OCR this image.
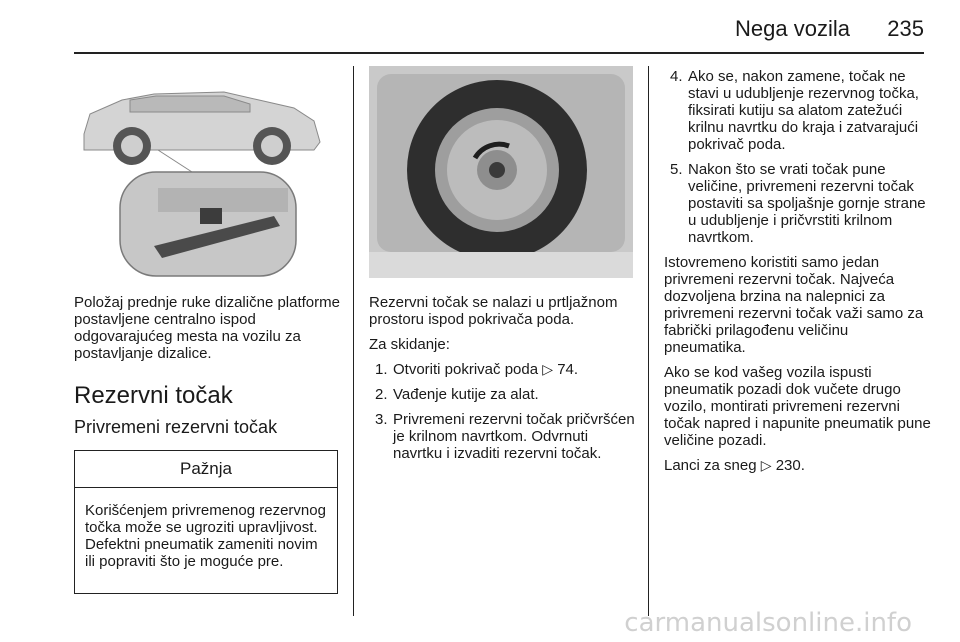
Nega vozila 235
Položaj prednje ruke dizalične platforme postavljene centralno ispod odgovarajućeg mesta na vozilu za postavljanje dizalice.
Rezervni točak
Privremeni rezervni točak
Pažnja
Korišćenjem privremenog rezervnog točka može se ugroziti upravljivost. Defektni pneumatik zameniti novim ili popraviti što je moguće pre.

Rezervni točak se nalazi u prtljažnom prostoru ispod pokrivača poda.

Za skidanje:

1. Otvoriti pokrivač poda ▷ 74.
2. Vađenje kutije za alat.
3. Privremeni rezervni točak pričvršćen je krilnom navrtkom. Odvrnuti navrtku i izvaditi rezervni točak.
4. Ako se, nakon zamene, točak ne stavi u udubljenje rezervnog točka, fiksirati kutiju sa alatom zatežući krilnu navrtku do kraja i zatvarajući pokrivač poda.
5. Nakon što se vrati točak pune veličine, privremeni rezervni točak postaviti sa spoljašnje gornje strane u udubljenje i pričvrstiti krilnom navrtkom.

Istovremeno koristiti samo jedan privremeni rezervni točak. Najveća dozvoljena brzina na nalepnici za privremeni rezervni točak važi samo za fabrički prilagođenu veličinu pneumatika.

Ako se kod vašeg vozila ispusti pneumatik pozadi dok vučete drugo vozilo, montirati privremeni rezervni točak napred i napunite pneumatik pune veličine pozadi.

Lanci za sneg ▷ 230.

carmanualsonline.info
